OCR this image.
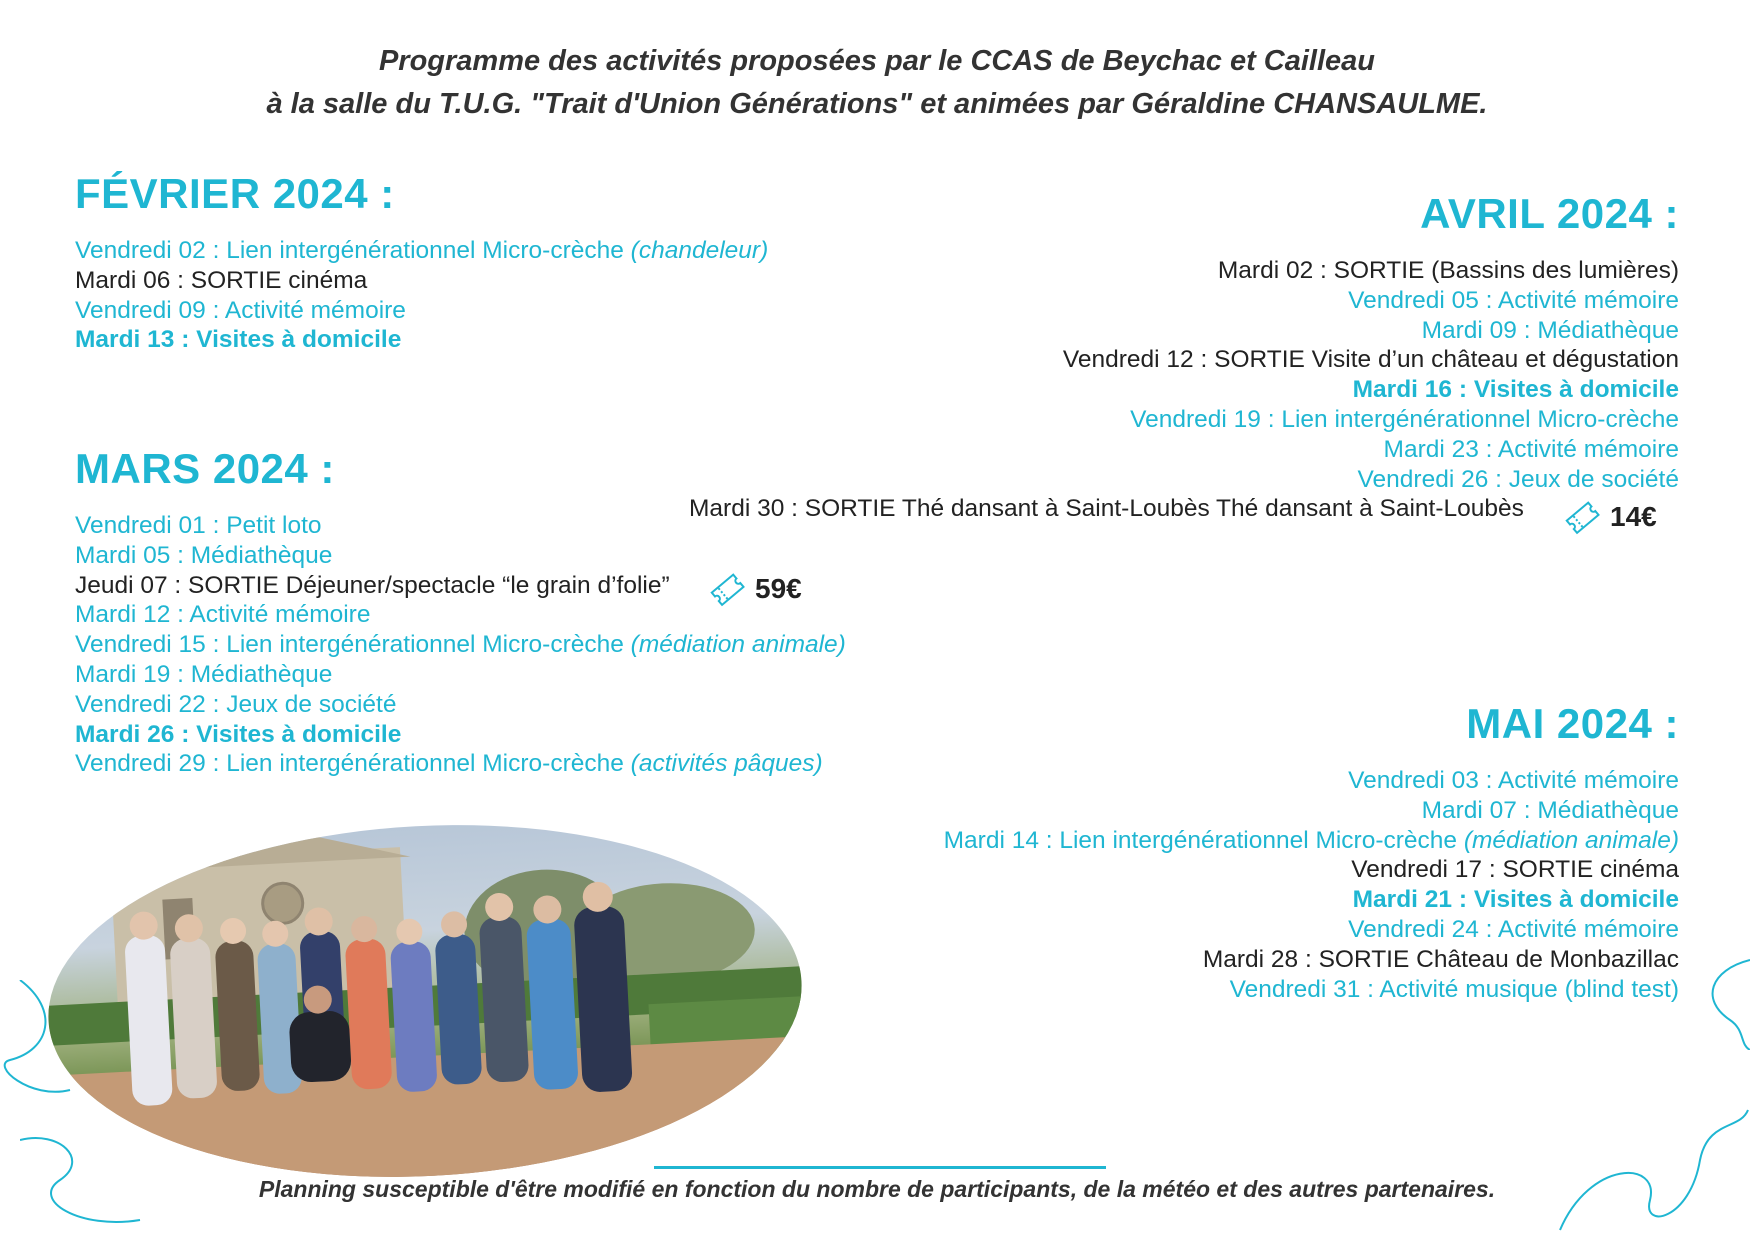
Programme des activités proposées par le CCAS de Beychac et Cailleau
à la salle du T.U.G. "Trait d'Union Générations" et animées par Géraldine CHANSAULME.
FÉVRIER 2024 :
Vendredi 02 : Lien intergénérationnel Micro-crèche (chandeleur)
Mardi 06 : SORTIE cinéma
Vendredi 09 : Activité mémoire
Mardi 13 : Visites à domicile
MARS 2024 :
Vendredi 01 : Petit loto
Mardi 05 : Médiathèque
Jeudi 07 : SORTIE Déjeuner/spectacle “le grain d’folie”
Mardi 12 : Activité mémoire
Vendredi 15 : Lien intergénérationnel Micro-crèche (médiation animale)
Mardi 19 : Médiathèque
Vendredi 22 : Jeux de société
Mardi 26 : Visites à domicile
Vendredi 29 : Lien intergénérationnel Micro-crèche (activités pâques)
59€
AVRIL 2024 :
Mardi 02 : SORTIE (Bassins des lumières)
Vendredi 05 : Activité mémoire
Mardi 09 : Médiathèque
Vendredi 12 : SORTIE Visite d’un château et dégustation
Mardi 16 : Visites à domicile
Vendredi 19 : Lien intergénérationnel Micro-crèche
Mardi 23 : Activité mémoire
Vendredi 26 : Jeux de société
Mardi 30 : SORTIE Thé dansant à Saint-Loubès Thé dansant à Saint-Loubès	14€
MAI 2024 :
Vendredi 03 : Activité mémoire
Mardi 07 : Médiathèque
Mardi 14 : Lien intergénérationnel Micro-crèche (médiation animale)
Vendredi 17 : SORTIE cinéma
Mardi 21 : Visites à domicile
Vendredi 24 : Activité mémoire
Mardi 28 : SORTIE Château de Monbazillac
Vendredi 31 : Activité musique (blind test)
Planning susceptible d'être modifié en fonction du nombre de participants, de la météo et des autres partenaires.
